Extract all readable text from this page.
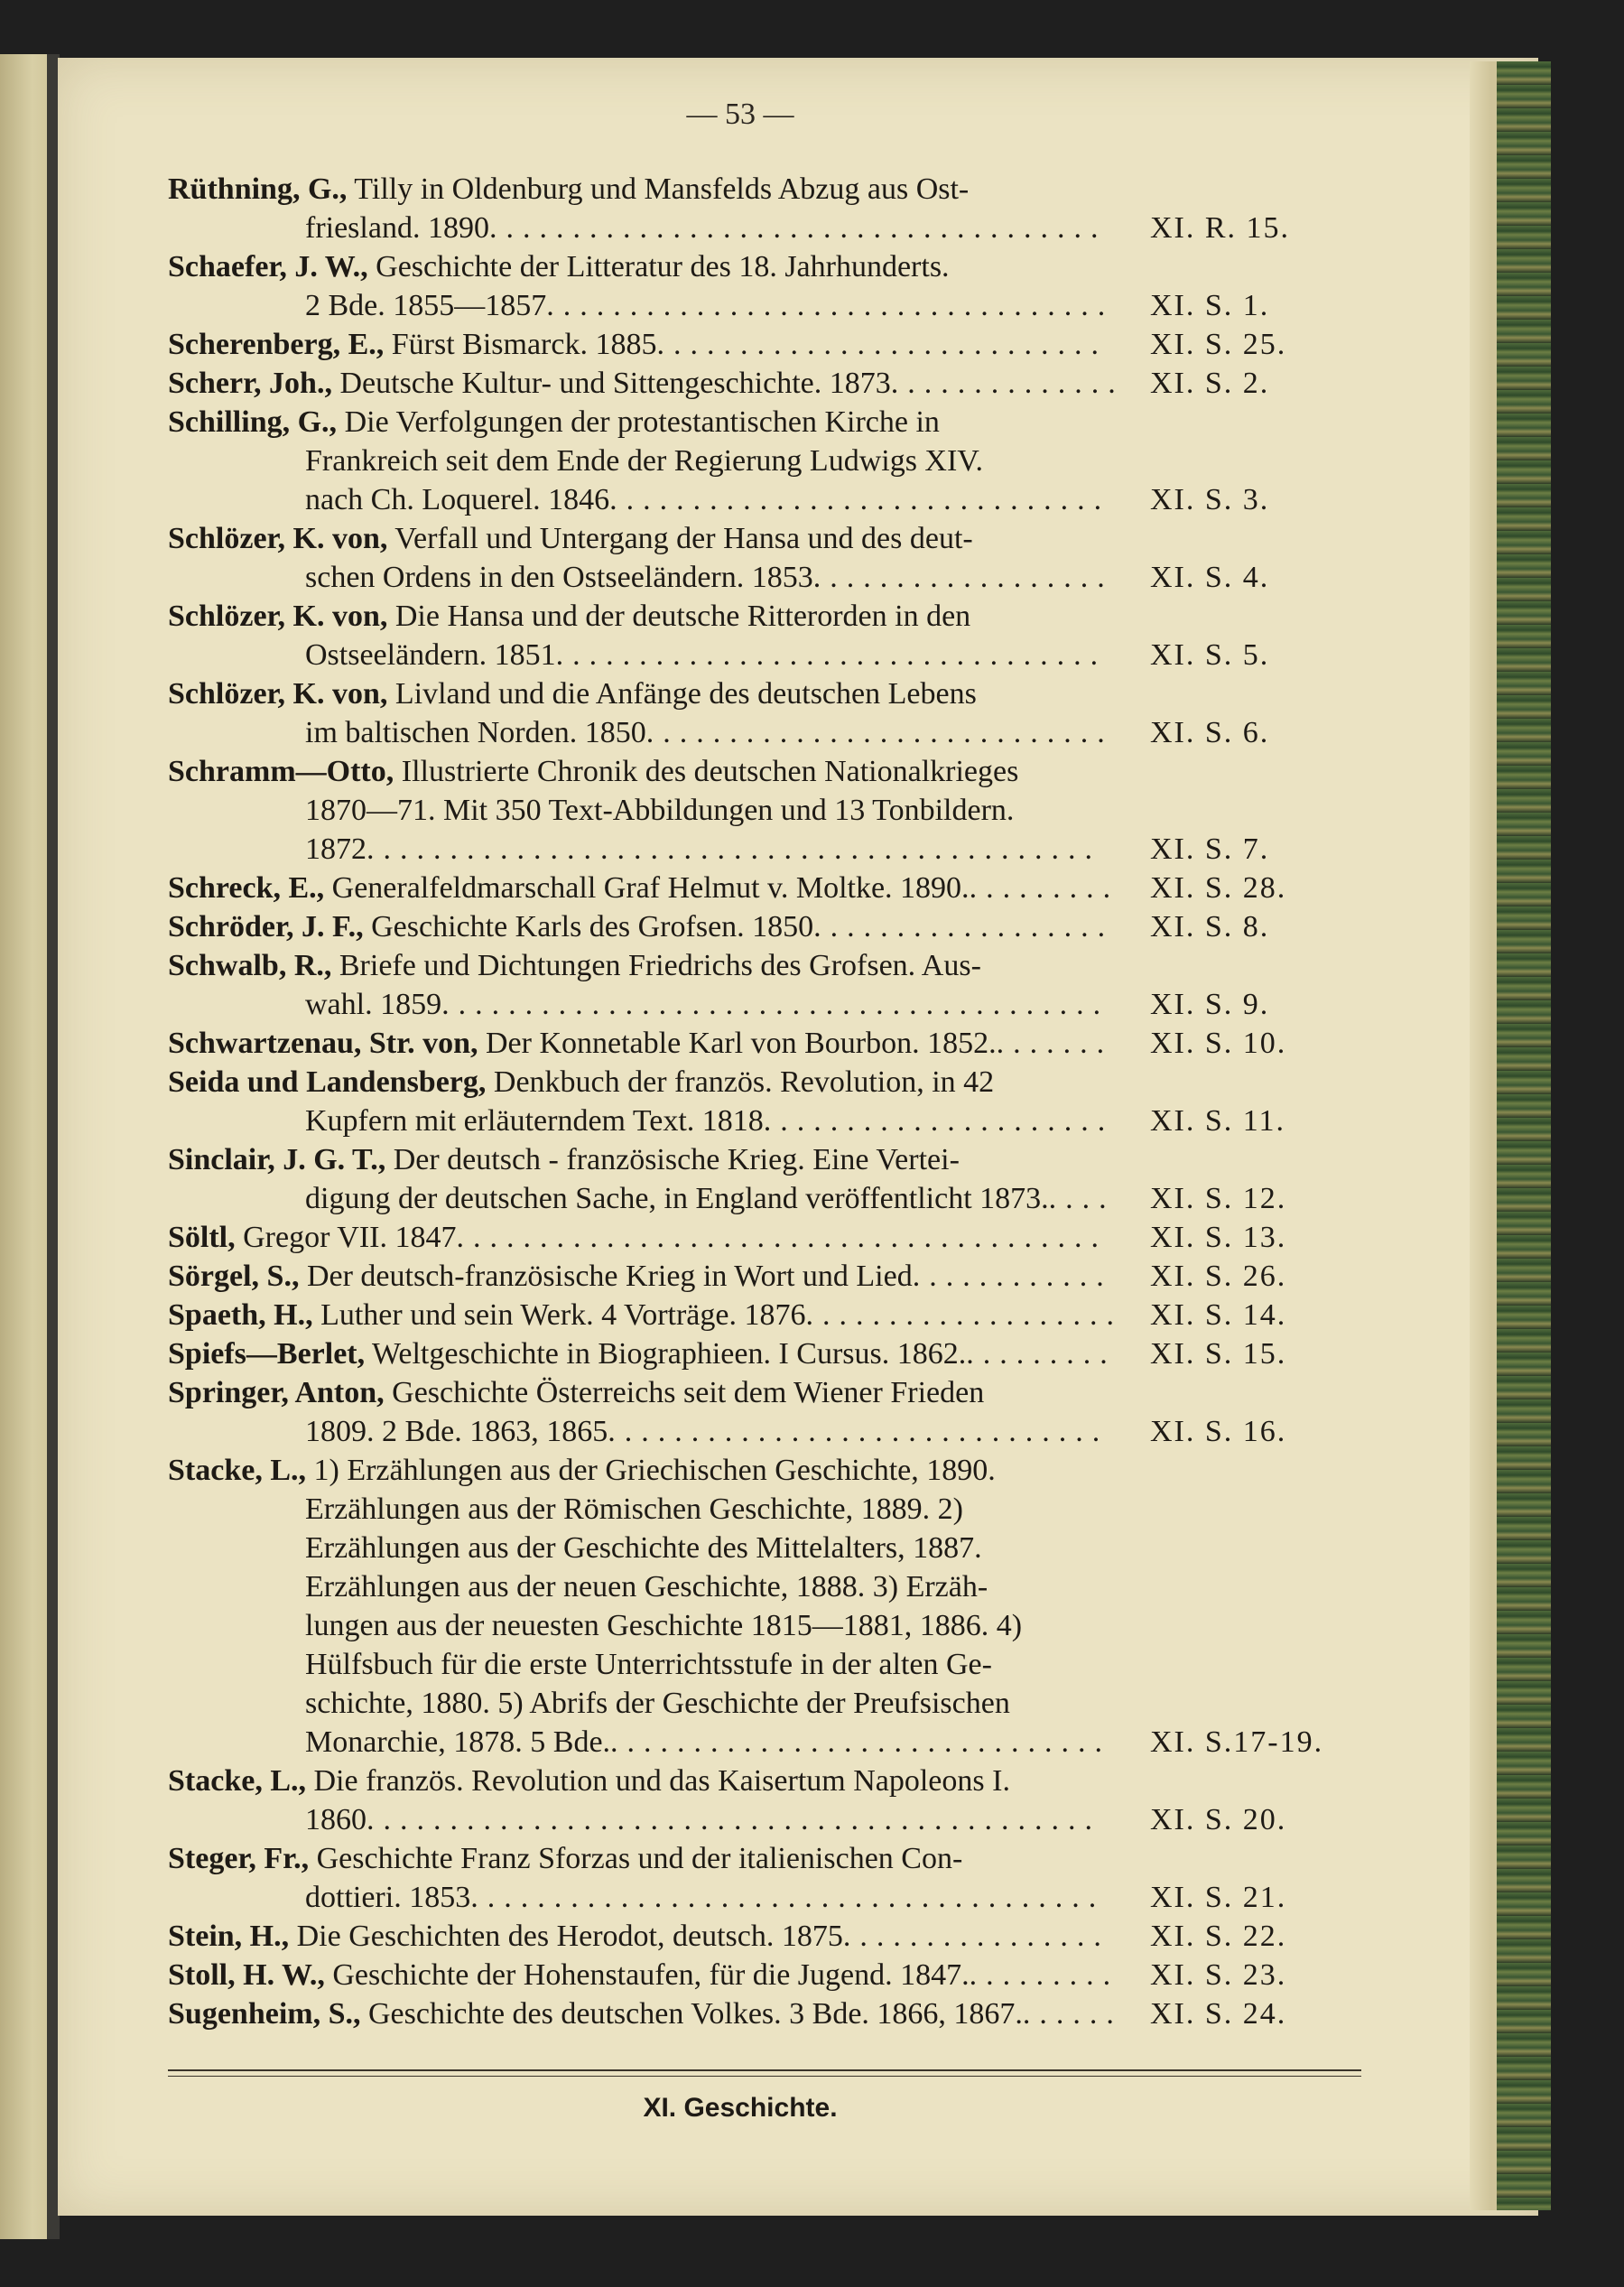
— 53 —
Rüthning, G., Tilly in Oldenburg und Mansfelds Abzug aus Ost-
friesland. 1890..................................... XI. R. 15.
Schaefer, J. W., Geschichte der Litteratur des 18. Jahrhunderts.
2 Bde. 1855—1857.................................. XI. S. 1.
Scherenberg, E., Fürst Bismarck. 1885........................... XI. S. 25.
Scherr, Joh., Deutsche Kultur- und Sittengeschichte. 1873.............. XI. S. 2.
Schilling, G., Die Verfolgungen der protestantischen Kirche in
Frankreich seit dem Ende der Regierung Ludwigs XIV.
nach Ch. Loquerel. 1846.............................. XI. S. 3.
Schlözer, K. von, Verfall und Untergang der Hansa und des deut-
schen Ordens in den Ostseeländern. 1853.................. XI. S. 4.
Schlözer, K. von, Die Hansa und der deutsche Ritterorden in den
Ostseeländern. 1851................................. XI. S. 5.
Schlözer, K. von, Livland und die Anfänge des deutschen Lebens
im baltischen Norden. 1850............................ XI. S. 6.
Schramm—Otto, Illustrierte Chronik des deutschen Nationalkrieges
1870—71. Mit 350 Text-Abbildungen und 13 Tonbildern.
1872............................................ XI. S. 7.
Schreck, E., Generalfeldmarschall Graf Helmut v. Moltke. 1890.......... XI. S. 28.
Schröder, J. F., Geschichte Karls des Grofsen. 1850.................. XI. S. 8.
Schwalb, R., Briefe und Dichtungen Friedrichs des Grofsen. Aus-
wahl. 1859........................................ XI. S. 9.
Schwartzenau, Str. von, Der Konnetable Karl von Bourbon. 1852........ XI. S. 10.
Seida und Landensberg, Denkbuch der französ. Revolution, in 42
Kupfern mit erläuterndem Text. 1818..................... XI. S. 11.
Sinclair, J. G. T., Der deutsch - französische Krieg. Eine Vertei-
digung der deutschen Sache, in England veröffentlicht 1873..... XI. S. 12.
Söltl, Gregor VII. 1847....................................... XI. S. 13.
Sörgel, S., Der deutsch-französische Krieg in Wort und Lied............ XI. S. 26.
Spaeth, H., Luther und sein Werk. 4 Vorträge. 1876................... XI. S. 14.
Spiefs—Berlet, Weltgeschichte in Biographieen. I Cursus. 1862.......... XI. S. 15.
Springer, Anton, Geschichte Österreichs seit dem Wiener Frieden
1809. 2 Bde. 1863, 1865.............................. XI. S. 16.
Stacke, L., 1) Erzählungen aus der Griechischen Geschichte, 1890.
Erzählungen aus der Römischen Geschichte, 1889. 2)
Erzählungen aus der Geschichte des Mittelalters, 1887.
Erzählungen aus der neuen Geschichte, 1888. 3) Erzäh-
lungen aus der neuesten Geschichte 1815—1881, 1886. 4)
Hülfsbuch für die erste Unterrichtsstufe in der alten Ge-
schichte, 1880. 5) Abrifs der Geschichte der Preufsischen
Monarchie, 1878. 5 Bde............................... XI. S.17-19.
Stacke, L., Die französ. Revolution und das Kaisertum Napoleons I.
1860............................................ XI. S. 20.
Steger, Fr., Geschichte Franz Sforzas und der italienischen Con-
dottieri. 1853...................................... XI. S. 21.
Stein, H., Die Geschichten des Herodot, deutsch. 1875................ XI. S. 22.
Stoll, H. W., Geschichte der Hohenstaufen, für die Jugend. 1847.......... XI. S. 23.
Sugenheim, S., Geschichte des deutschen Volkes. 3 Bde. 1866, 1867....... XI. S. 24.
XI. Geschichte.
